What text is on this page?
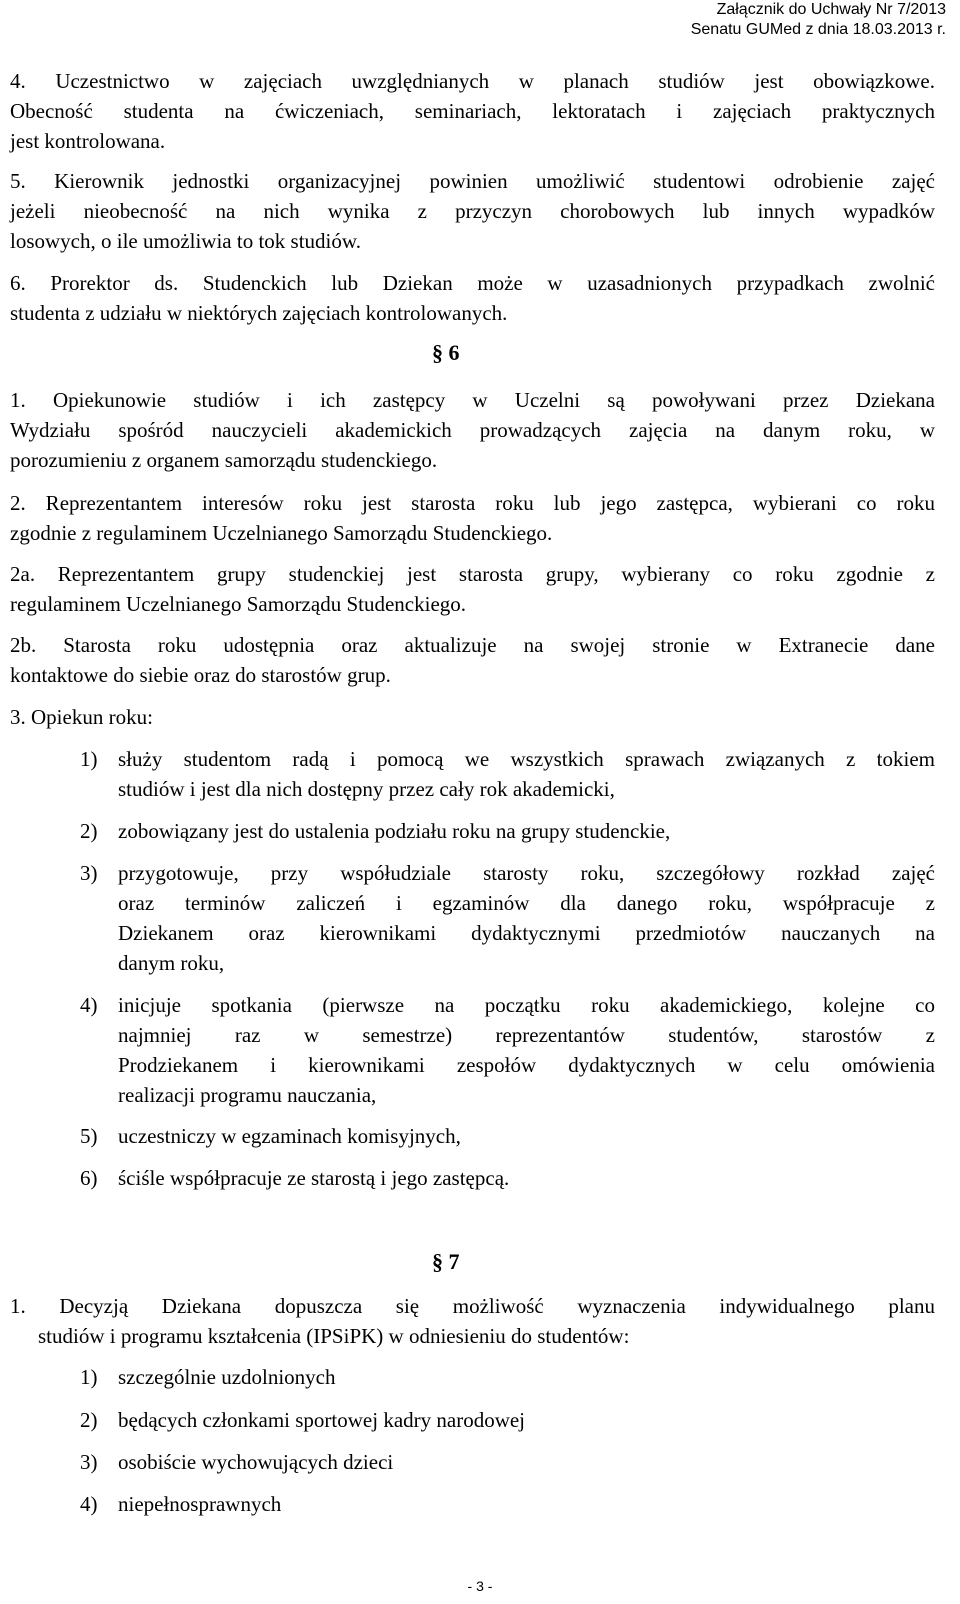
Załącznik do Uchwały Nr 7/2013
Senatu GUMed z dnia 18.03.2013 r.
4. Uczestnictwo w zajęciach uwzględnianych w planach studiów jest obowiązkowe.
Obecność studenta na ćwiczeniach, seminariach, lektoratach i zajęciach praktycznych
jest kontrolowana.
5. Kierownik jednostki organizacyjnej powinien umożliwić studentowi odrobienie zajęć
jeżeli nieobecność na nich wynika z przyczyn chorobowych lub innych wypadków
losowych, o ile umożliwia to tok studiów.
6. Prorektor ds. Studenckich lub Dziekan może w uzasadnionych przypadkach zwolnić
studenta z udziału w niektórych zajęciach kontrolowanych.
§ 6
1. Opiekunowie studiów i ich zastępcy w Uczelni są powoływani przez Dziekana
Wydziału spośród nauczycieli akademickich prowadzących zajęcia na danym roku, w
porozumieniu z organem samorządu studenckiego.
2. Reprezentantem interesów roku jest starosta roku lub jego zastępca, wybierani co roku
zgodnie z regulaminem Uczelnianego Samorządu Studenckiego.
2a. Reprezentantem grupy studenckiej jest starosta grupy, wybierany co roku zgodnie z
regulaminem Uczelnianego Samorządu Studenckiego.
2b. Starosta roku udostępnia oraz aktualizuje na swojej stronie w Extranecie dane
kontaktowe do siebie oraz do starostów grup.
3. Opiekun roku:
1) służy studentom radą i pomocą we wszystkich sprawach związanych z tokiem
studiów i jest dla nich dostępny przez cały rok akademicki,
2) zobowiązany jest do ustalenia podziału roku na grupy studenckie,
3) przygotowuje, przy współudziale starosty roku, szczegółowy rozkład zajęć
oraz terminów zaliczeń i egzaminów dla danego roku, współpracuje z
Dziekanem oraz kierownikami dydaktycznymi przedmiotów nauczanych na
danym roku,
4) inicjuje spotkania (pierwsze na początku roku akademickiego, kolejne co
najmniej raz w semestrze) reprezentantów studentów, starostów z
Prodziekanem i kierownikami zespołów dydaktycznych w celu omówienia
realizacji programu nauczania,
5) uczestniczy w egzaminach komisyjnych,
6) ściśle współpracuje ze starostą i jego zastępcą.
§ 7
1. Decyzją Dziekana dopuszcza się możliwość wyznaczenia indywidualnego planu
studiów i programu kształcenia (IPSiPK) w odniesieniu do studentów:
1) szczególnie uzdolnionych
2) będących członkami sportowej kadry narodowej
3) osobiście wychowujących dzieci
4) niepełnosprawnych
- 3 -
